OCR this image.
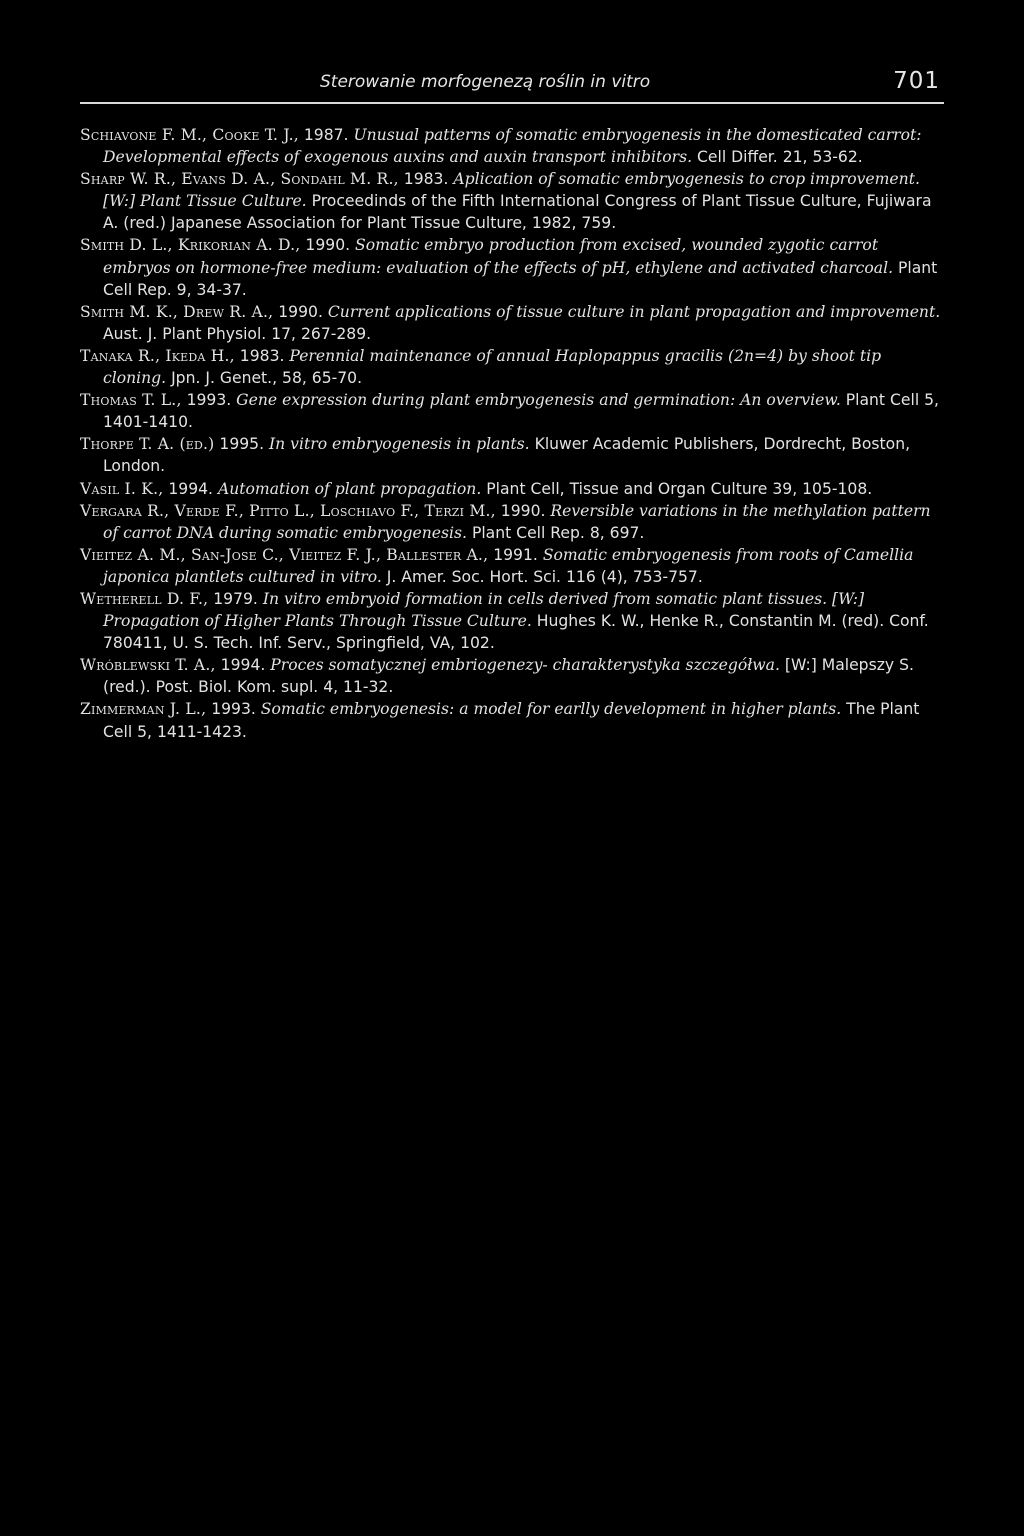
Sterowanie morfogenezą roślin in vitro	701
Schiavone F. M., Cooke T. J., 1987. Unusual patterns of somatic embryogenesis in the domesticated carrot: Developmental effects of exogenous auxins and auxin transport inhibitors. Cell Differ. 21, 53-62.
Sharp W. R., Evans D. A., Sondahl M. R., 1983. Aplication of somatic embryogenesis to crop improvement. [W:] Plant Tissue Culture. Proceedinds of the Fifth International Congress of Plant Tissue Culture, Fujiwara A. (red.) Japanese Association for Plant Tissue Culture, 1982, 759.
Smith D. L., Krikorian A. D., 1990. Somatic embryo production from excised, wounded zygotic carrot embryos on hormone-free medium: evaluation of the effects of pH, ethylene and activated charcoal. Plant Cell Rep. 9, 34-37.
Smith M. K., Drew R. A., 1990. Current applications of tissue culture in plant propagation and improvement. Aust. J. Plant Physiol. 17, 267-289.
Tanaka R., Ikeda H., 1983. Perennial maintenance of annual Haplopappus gracilis (2n=4) by shoot tip cloning. Jpn. J. Genet., 58, 65-70.
Thomas T. L., 1993. Gene expression during plant embryogenesis and germination: An overview. Plant Cell 5, 1401-1410.
Thorpe T. A. (ed.) 1995. In vitro embryogenesis in plants. Kluwer Academic Publishers, Dordrecht, Boston, London.
Vasil I. K., 1994. Automation of plant propagation. Plant Cell, Tissue and Organ Culture 39, 105-108.
Vergara R., Verde F., Pitto L., Loschiavo F., Terzi M., 1990. Reversible variations in the methylation pattern of carrot DNA during somatic embryogenesis. Plant Cell Rep. 8, 697.
Vieitez A. M., San-Jose C., Vieitez F. J., Ballester A., 1991. Somatic embryogenesis from roots of Camellia japonica plantlets cultured in vitro. J. Amer. Soc. Hort. Sci. 116 (4), 753-757.
Wetherell D. F., 1979. In vitro embryoid formation in cells derived from somatic plant tissues. [W:] Propagation of Higher Plants Through Tissue Culture. Hughes K. W., Henke R., Constantin M. (red). Conf. 780411, U. S. Tech. Inf. Serv., Springfield, VA, 102.
Wróblewski T. A., 1994. Proces somatycznej embriogenezy- charakterystyka szczegółwa. [W:] Malepszy S. (red.). Post. Biol. Kom. supl. 4, 11-32.
Zimmerman J. L., 1993. Somatic embryogenesis: a model for earlly development in higher plants. The Plant Cell 5, 1411-1423.
